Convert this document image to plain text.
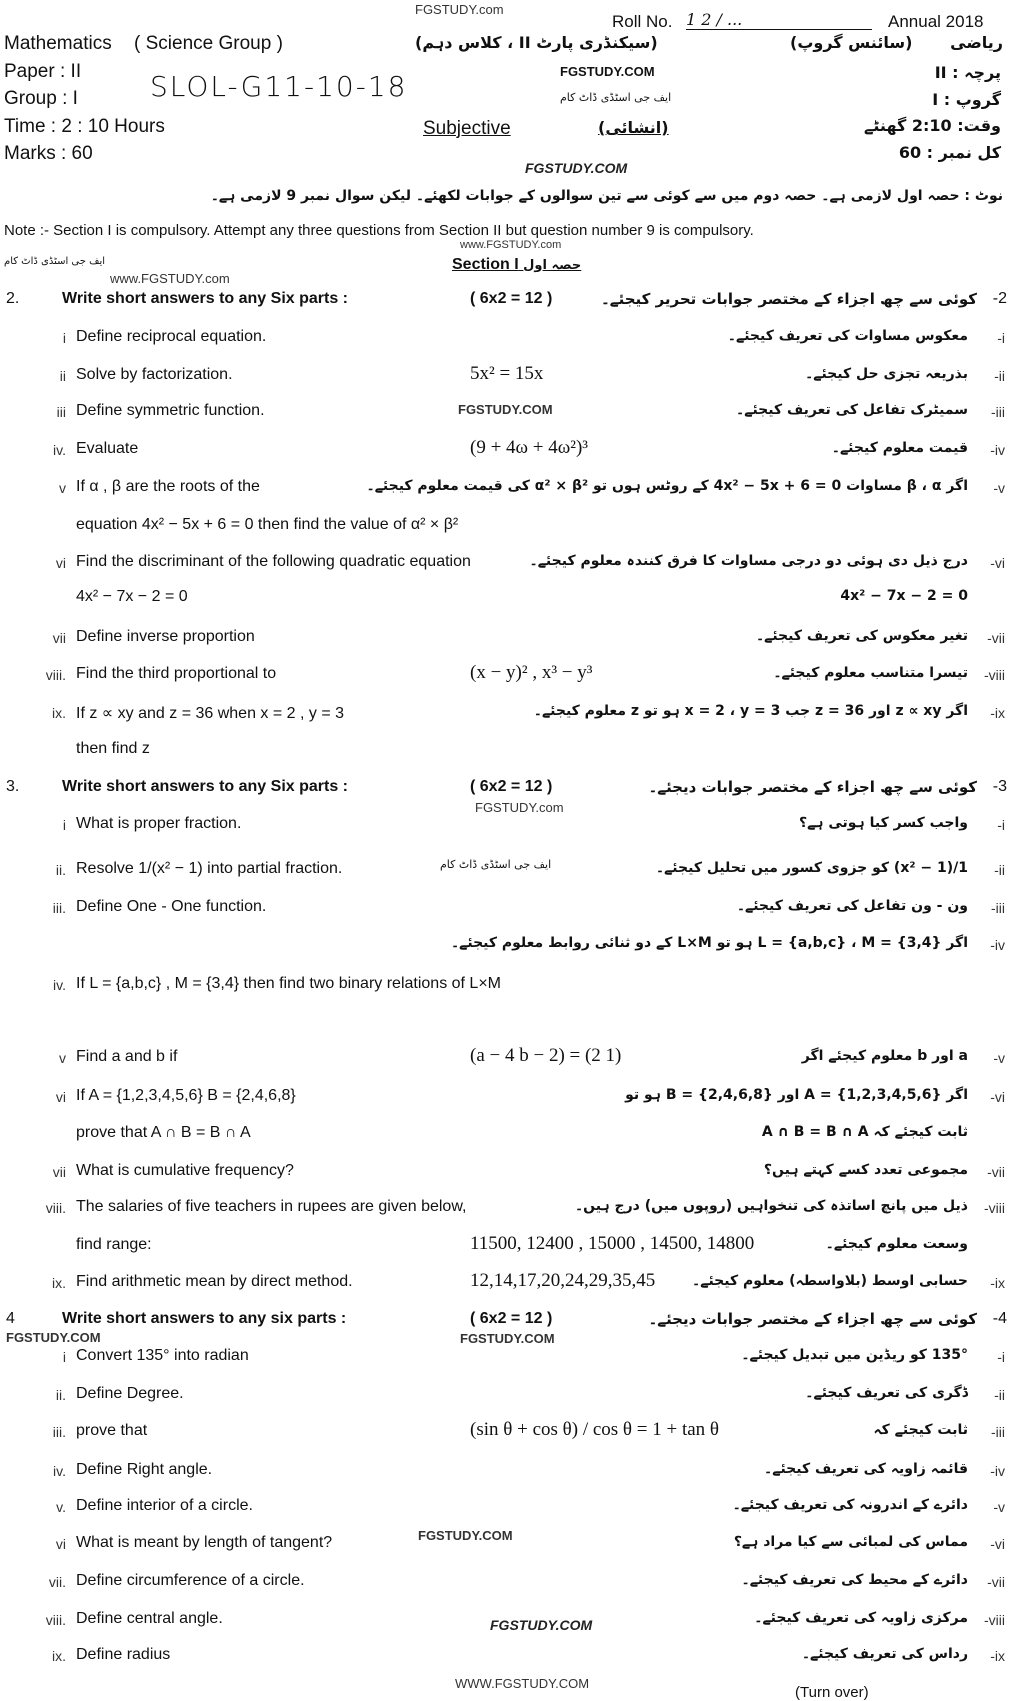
FGSTUDY.com
Roll No. 1 2 / ...	Annual 2018
Mathematics ( Science Group )	(سیکنڈری پارٹ II ، کلاس دہم)	(سائنس گروپ) ریاضی
Paper : II SLOL-G11-10-18	FGSTUDY.COM
ایف جی اسٹڈی ڈاٹ کام
پرچہ : II
Group : I	گروپ : I
Time : 2 : 10 Hours	Subjective	(انشائی)	وقت: 2:10 گھنٹے
Marks : 60	کل نمبر : 60
FGSTUDY.COM
نوٹ : حصہ اول لازمی ہے۔ حصہ دوم میں سے کوئی سے تین سوالوں کے جوابات لکھئے۔ لیکن سوال نمبر 9 لازمی ہے۔
Note :- Section I is compulsory. Attempt any three questions from Section II but question number 9 is compulsory.
www.FGSTUDY.com
ایف جی اسٹڈی ڈاٹ کام
www.FGSTUDY.com
Section I حصہ اول
2.	Write short answers to any Six parts :	( 6x2 = 12 )	کوئی سے چھ اجزاء کے مختصر جوابات تحریر کیجئے۔ -2
i Define reciprocal equation.	معکوس مساوات کی تعریف کیجئے۔ -i
ii Solve by factorization.	5x² = 15x	بذریعہ تجزی حل کیجئے۔ -ii
iii Define symmetric function.	سمیٹرک تفاعل کی تعریف کیجئے۔ -iii
iv. Evaluate	(9 + 4ω + 4ω²)³	قیمت معلوم کیجئے۔ -iv
v If α , β are the roots of the	اگر β ، α مساوات 4x² − 5x + 6 = 0 کے روٹس ہوں تو α² × β² کی قیمت معلوم کیجئے۔ -v
equation 4x² − 5x + 6 = 0 then find the value of α² × β²
vi Find the discriminant of the following quadratic equation	درج ذیل دی ہوئی دو درجی مساوات کا فرق کنندہ معلوم کیجئے۔ -vi
4x² − 7x − 2 = 0	4x² − 7x − 2 = 0
vii Define inverse proportion	تغیر معکوس کی تعریف کیجئے۔ -vii
viii. Find the third proportional to	(x − y)² , x³ − y³	تیسرا متناسب معلوم کیجئے۔ -viii
ix. If z ∝ xy and z = 36 when x = 2 , y = 3	اگر z ∝ xy اور z = 36 جب x = 2 ، y = 3 ہو تو z معلوم کیجئے۔ -ix
then find z
3.	Write short answers to any Six parts :	( 6x2 = 12 )	کوئی سے چھ اجزاء کے مختصر جوابات دیجئے۔ -3
i What is proper fraction.	واجب کسر کیا ہوتی ہے؟ -i
ii. Resolve 1/(x² − 1) into partial fraction.	1/(x² − 1) کو جزوی کسور میں تحلیل کیجئے۔ -ii
iii. Define One - One function.	ون - ون تفاعل کی تعریف کیجئے۔ -iii
اگر L = {a,b,c} ، M = {3,4} ہو تو L×M کے دو ثنائی روابط معلوم کیجئے۔ -iv
iv. If L = {a,b,c} , M = {3,4} then find two binary relations of L×M
v Find a and b if	(a − 4 b − 2) = (2 1)	a اور b معلوم کیجئے اگر -v
vi If A = {1,2,3,4,5,6} B = {2,4,6,8}	اگر A = {1,2,3,4,5,6} اور B = {2,4,6,8} ہو تو -vi
prove that A ∩ B = B ∩ A	ثابت کیجئے کہ A ∩ B = B ∩ A
vii What is cumulative frequency?	مجموعی تعدد کسے کہتے ہیں؟ -vii
viii. The salaries of five teachers in rupees are given below,	ذیل میں پانچ اساتذہ کی تنخواہیں (روپوں میں) درج ہیں۔ -viii
find range:	11500, 12400 , 15000 , 14500, 14800	وسعت معلوم کیجئے۔
ix. Find arithmetic mean by direct method.	12,14,17,20,24,29,35,45	حسابی اوسط (بلاواسطہ) معلوم کیجئے۔ -ix
4	Write short answers to any six parts :	( 6x2 = 12 )	کوئی سے چھ اجزاء کے مختصر جوابات دیجئے۔ -4
i Convert 135° into radian	135° کو ریڈین میں تبدیل کیجئے۔ -i
ii. Define Degree.	ڈگری کی تعریف کیجئے۔ -ii
iii. prove that	(sin θ + cos θ) / cos θ = 1 + tan θ	ثابت کیجئے کہ -iii
iv. Define Right angle.	قائمہ زاویہ کی تعریف کیجئے۔ -iv
v. Define interior of a circle.	دائرے کے اندرونہ کی تعریف کیجئے۔ -v
vi What is meant by length of tangent?	مماس کی لمبائی سے کیا مراد ہے؟ -vi
vii. Define circumference of a circle.	دائرے کے محیط کی تعریف کیجئے۔ -vii
viii. Define central angle.	مرکزی زاویہ کی تعریف کیجئے۔ -viii
ix. Define radius	رداس کی تعریف کیجئے۔ -ix
FGSTUDY.COM
FGSTUDY.com
ایف جی اسٹڈی ڈاٹ کام
FGSTUDY.COM
FGSTUDY.COM
FGSTUDY.COM
FGSTUDY.COM
WWW.FGSTUDY.COM
(Turn over)
